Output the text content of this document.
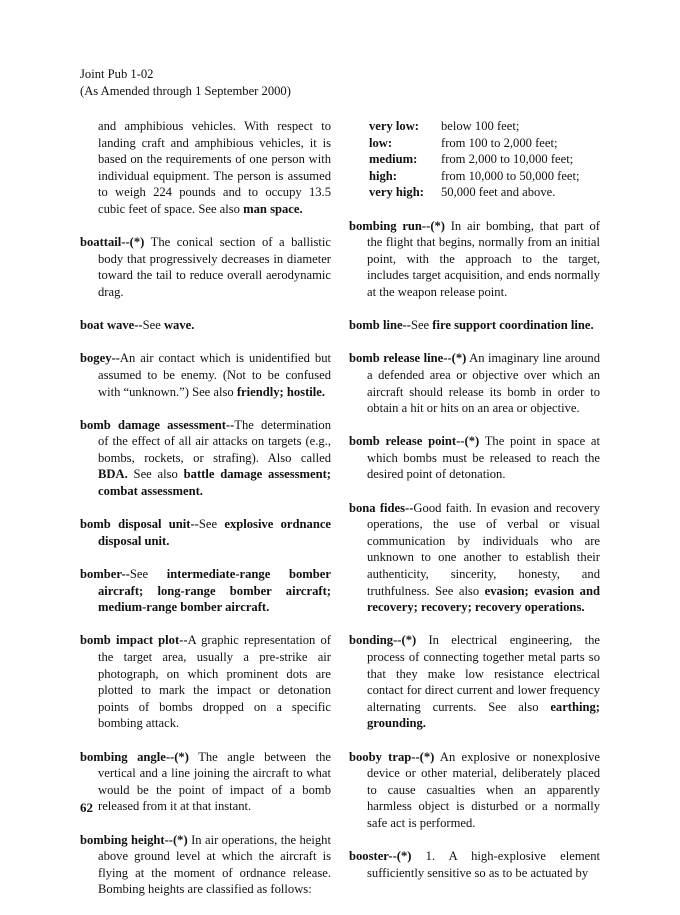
Joint Pub 1-02
(As Amended through 1 September 2000)

and amphibious vehicles. With respect to landing craft and amphibious vehicles, it is based on the requirements of one person with individual equipment. The person is assumed to weigh 224 pounds and to occupy 13.5 cubic feet of space. See also man space.

boattail--(*) The conical section of a ballistic body that progressively decreases in diameter toward the tail to reduce overall aerodynamic drag.

boat wave--See wave.

bogey--An air contact which is unidentified but assumed to be enemy. (Not to be confused with “unknown.”) See also friendly; hostile.

bomb damage assessment--The determination of the effect of all air attacks on targets (e.g., bombs, rockets, or strafing). Also called BDA. See also battle damage assessment; combat assessment.

bomb disposal unit--See explosive ordnance disposal unit.

bomber--See intermediate-range bomber aircraft; long-range bomber aircraft; medium-range bomber aircraft.

bomb impact plot--A graphic representation of the target area, usually a pre-strike air photograph, on which prominent dots are plotted to mark the impact or detonation points of bombs dropped on a specific bombing attack.

bombing angle--(*) The angle between the vertical and a line joining the aircraft to what would be the point of impact of a bomb released from it at that instant.

bombing height--(*) In air operations, the height above ground level at which the aircraft is flying at the moment of ordnance release. Bombing heights are classified as follows:

very low:	below 100 feet;
low:	from 100 to 2,000 feet;
medium:	from 2,000 to 10,000 feet;
high:	from 10,000 to 50,000 feet;
very high:	50,000 feet and above.

bombing run--(*) In air bombing, that part of the flight that begins, normally from an initial point, with the approach to the target, includes target acquisition, and ends normally at the weapon release point.

bomb line--See fire support coordination line.

bomb release line--(*) An imaginary line around a defended area or objective over which an aircraft should release its bomb in order to obtain a hit or hits on an area or objective.

bomb release point--(*) The point in space at which bombs must be released to reach the desired point of detonation.

bona fides--Good faith. In evasion and recovery operations, the use of verbal or visual communication by individuals who are unknown to one another to establish their authenticity, sincerity, honesty, and truthfulness. See also evasion; evasion and recovery; recovery; recovery operations.

bonding--(*) In electrical engineering, the process of connecting together metal parts so that they make low resistance electrical contact for direct current and lower frequency alternating currents. See also earthing; grounding.

booby trap--(*) An explosive or nonexplosive device or other material, deliberately placed to cause casualties when an apparently harmless object is disturbed or a normally safe act is performed.

booster--(*) 1. A high-explosive element sufficiently sensitive so as to be actuated by

62
